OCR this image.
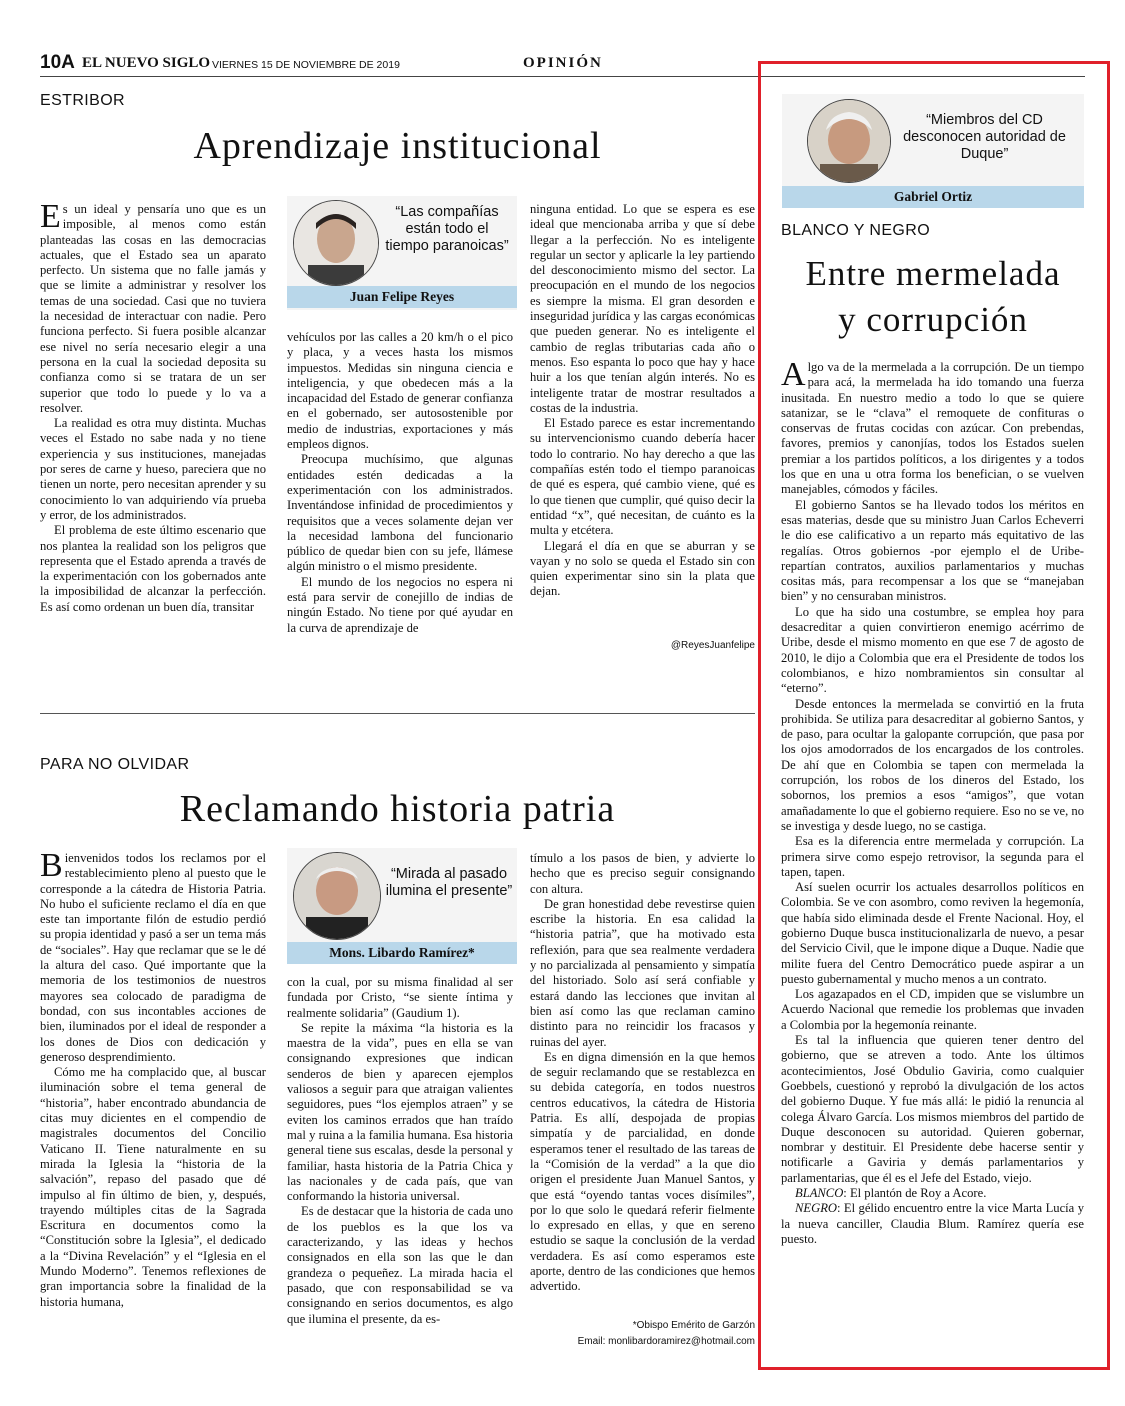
10A EL NUEVO SIGLO VIERNES 15 DE NOVIEMBRE DE 2019	OPINIÓN
ESTRIBOR
Aprendizaje institucional
“Las compañías están todo el tiempo paranoicas”
Juan Felipe Reyes

Es un ideal y pensaría uno que es un imposible, al menos como están planteadas las cosas en las democracias actuales, que el Estado sea un aparato perfecto. Un sistema que no falle jamás y que se limite a administrar y resolver los temas de una sociedad. Casi que no tuviera la necesidad de interactuar con nadie. Pero funciona perfecto. Si fuera posible alcanzar ese nivel no sería necesario elegir a una persona en la cual la sociedad deposita su confianza como si se tratara de un ser superior que todo lo puede y lo va a resolver.

La realidad es otra muy distinta. Muchas veces el Estado no sabe nada y no tiene experiencia y sus instituciones, manejadas por seres de carne y hueso, pareciera que no tienen un norte, pero necesitan aprender y su conocimiento lo van adquiriendo vía prueba y error, de los administrados.

El problema de este último escenario que nos plantea la realidad son los peligros que representa que el Estado aprenda a través de la experimentación con los gobernados ante la imposibilidad de alcanzar la perfección. Es así como ordenan un buen día, transitar

vehículos por las calles a 20 km/h o el pico y placa, y a veces hasta los mismos impuestos. Medidas sin ninguna ciencia e inteligencia, y que obedecen más a la incapacidad del Estado de generar confianza en el gobernado, ser autosostenible por medio de industrias, exportaciones y más empleos dignos.

Preocupa muchísimo, que algunas entidades estén dedicadas a la experimentación con los administrados. Inventándose infinidad de procedimientos y requisitos que a veces solamente dejan ver la necesidad lambona del funcionario público de quedar bien con su jefe, llámese algún ministro o el mismo presidente.

El mundo de los negocios no espera ni está para servir de conejillo de indias de ningún Estado. No tiene por qué ayudar en la curva de aprendizaje de

ninguna entidad. Lo que se espera es ese ideal que mencionaba arriba y que sí debe llegar a la perfección. No es inteligente regular un sector y aplicarle la ley partiendo del desconocimiento mismo del sector. La preocupación en el mundo de los negocios es siempre la misma. El gran desorden e inseguridad jurídica y las cargas económicas que pueden generar. No es inteligente el cambio de reglas tributarias cada año o menos. Eso espanta lo poco que hay y hace huir a los que tenían algún interés. No es inteligente tratar de mostrar resultados a costas de la industria.

El Estado parece es estar incrementando su intervencionismo cuando debería hacer todo lo contrario. No hay derecho a que las compañías estén todo el tiempo paranoicas de qué es espera, qué cambio viene, qué es lo que tienen que cumplir, qué quiso decir la entidad “x”, qué necesitan, de cuánto es la multa y etcétera.

Llegará el día en que se aburran y se vayan y no solo se queda el Estado sin con quien experimentar sino sin la plata que dejan.

@ReyesJuanfelipe
PARA NO OLVIDAR
Reclamando historia patria
“Mirada al pasado ilumina el presente”
Mons. Libardo Ramírez*

Bienvenidos todos los reclamos por el restablecimiento pleno al puesto que le corresponde a la cátedra de Historia Patria. No hubo el suficiente reclamo el día en que este tan importante filón de estudio perdió su propia identidad y pasó a ser un tema más de “sociales”. Hay que reclamar que se le dé la altura del caso. Qué importante que la memoria de los testimonios de nuestros mayores sea colocado de paradigma de bondad, con sus incontables acciones de bien, iluminados por el ideal de responder a los dones de Dios con dedicación y generoso desprendimiento.

Cómo me ha complacido que, al buscar iluminación sobre el tema general de “historia”, haber encontrado abundancia de citas muy dicientes en el compendio de magistrales documentos del Concilio Vaticano II. Tiene naturalmente en su mirada la Iglesia la “historia de la salvación”, repaso del pasado que dé impulso al fin último de bien, y, después, trayendo múltiples citas de la Sagrada Escritura en documentos como la “Constitución sobre la Iglesia”, el dedicado a la “Divina Revelación” y el “Iglesia en el Mundo Moderno”. Tenemos reflexiones de gran importancia sobre la finalidad de la historia humana,

con la cual, por su misma finalidad al ser fundada por Cristo, “se siente íntima y realmente solidaria” (Gaudium 1).

Se repite la máxima “la historia es la maestra de la vida”, pues en ella se van consignando expresiones que indican senderos de bien y aparecen ejemplos valiosos a seguir para que atraigan valientes seguidores, pues “los ejemplos atraen” y se eviten los caminos errados que han traído mal y ruina a la familia humana. Esa historia general tiene sus escalas, desde la personal y familiar, hasta historia de la Patria Chica y las nacionales y de cada país, que van conformando la historia universal.

Es de destacar que la historia de cada uno de los pueblos es la que los va caracterizando, y las ideas y hechos consignados en ella son las que le dan grandeza o pequeñez. La mirada hacia el pasado, que con responsabilidad se va consignando en serios documentos, es algo que ilumina el presente, da es-

tímulo a los pasos de bien, y advierte lo hecho que es preciso seguir consignando con altura.

De gran honestidad debe revestirse quien escribe la historia. En esa calidad la “historia patria”, que ha motivado esta reflexión, para que sea realmente verdadera y no parcializada al pensamiento y simpatía del historiado. Solo así será confiable y estará dando las lecciones que invitan al bien así como las que reclaman camino distinto para no reincidir los fracasos y ruinas del ayer.

Es en digna dimensión en la que hemos de seguir reclamando que se restablezca en su debida categoría, en todos nuestros centros educativos, la cátedra de Historia Patria. Es allí, despojada de propias simpatía y de parcialidad, en donde esperamos tener el resultado de las tareas de la “Comisión de la verdad” a la que dio origen el presidente Juan Manuel Santos, y que está “oyendo tantas voces disímiles”, por lo que solo le quedará referir fielmente lo expresado en ellas, y que en sereno estudio se saque la conclusión de la verdad verdadera. Es así como esperamos este aporte, dentro de las condiciones que hemos advertido.

*Obispo Emérito de Garzón
Email: monlibardoramirez@hotmail.com
“Miembros del CD desconocen autoridad de Duque”
Gabriel Ortiz
BLANCO Y NEGRO
Entre mermelada
y corrupción

Algo va de la mermelada a la corrupción. De un tiempo para acá, la mermelada ha ido tomando una fuerza inusitada. En nuestro medio a todo lo que se quiere satanizar, se le “clava” el remoquete de confituras o conservas de frutas cocidas con azúcar. Con prebendas, favores, premios y canonjías, todos los Estados suelen premiar a los partidos políticos, a los dirigentes y a todos los que en una u otra forma los benefician, o se vuelven manejables, cómodos y fáciles.

El gobierno Santos se ha llevado todos los méritos en esas materias, desde que su ministro Juan Carlos Echeverri le dio ese calificativo a un reparto más equitativo de las regalías. Otros gobiernos -por ejemplo el de Uribe- repartían contratos, auxilios parlamentarios y muchas cositas más, para recompensar a los que se “manejaban bien” y no censuraban ministros.

Lo que ha sido una costumbre, se emplea hoy para desacreditar a quien convirtieron enemigo acérrimo de Uribe, desde el mismo momento en que ese 7 de agosto de 2010, le dijo a Colombia que era el Presidente de todos los colombianos, e hizo nombramientos sin consultar al “eterno”.

Desde entonces la mermelada se convirtió en la fruta prohibida. Se utiliza para desacreditar al gobierno Santos, y de paso, para ocultar la galopante corrupción, que pasa por los ojos amodorrados de los encargados de los controles. De ahí que en Colombia se tapen con mermelada la corrupción, los robos de los dineros del Estado, los sobornos, los premios a esos “amigos”, que votan amañadamente lo que el gobierno requiere. Eso no se ve, no se investiga y desde luego, no se castiga.

Esa es la diferencia entre mermelada y corrupción. La primera sirve como espejo retrovisor, la segunda para el tapen, tapen.

Así suelen ocurrir los actuales desarrollos políticos en Colombia. Se ve con asombro, como reviven la hegemonía, que había sido eliminada desde el Frente Nacional. Hoy, el gobierno Duque busca institucionalizarla de nuevo, a pesar del Servicio Civil, que le impone dique a Duque. Nadie que milite fuera del Centro Democrático puede aspirar a un puesto gubernamental y mucho menos a un contrato.

Los agazapados en el CD, impiden que se vislumbre un Acuerdo Nacional que remedie los problemas que invaden a Colombia por la hegemonía reinante.

Es tal la influencia que quieren tener dentro del gobierno, que se atreven a todo. Ante los últimos acontecimientos, José Obdulio Gaviria, como cualquier Goebbels, cuestionó y reprobó la divulgación de los actos del gobierno Duque. Y fue más allá: le pidió la renuncia al colega Álvaro García. Los mismos miembros del partido de Duque desconocen su autoridad. Quieren gobernar, nombrar y destituir. El Presidente debe hacerse sentir y notificarle a Gaviria y demás parlamentarios y parlamentarias, que él es el Jefe del Estado, viejo.

BLANCO: El plantón de Roy a Acore.

NEGRO: El gélido encuentro entre la vice Marta Lucía y la nueva canciller, Claudia Blum. Ramírez quería ese puesto.
